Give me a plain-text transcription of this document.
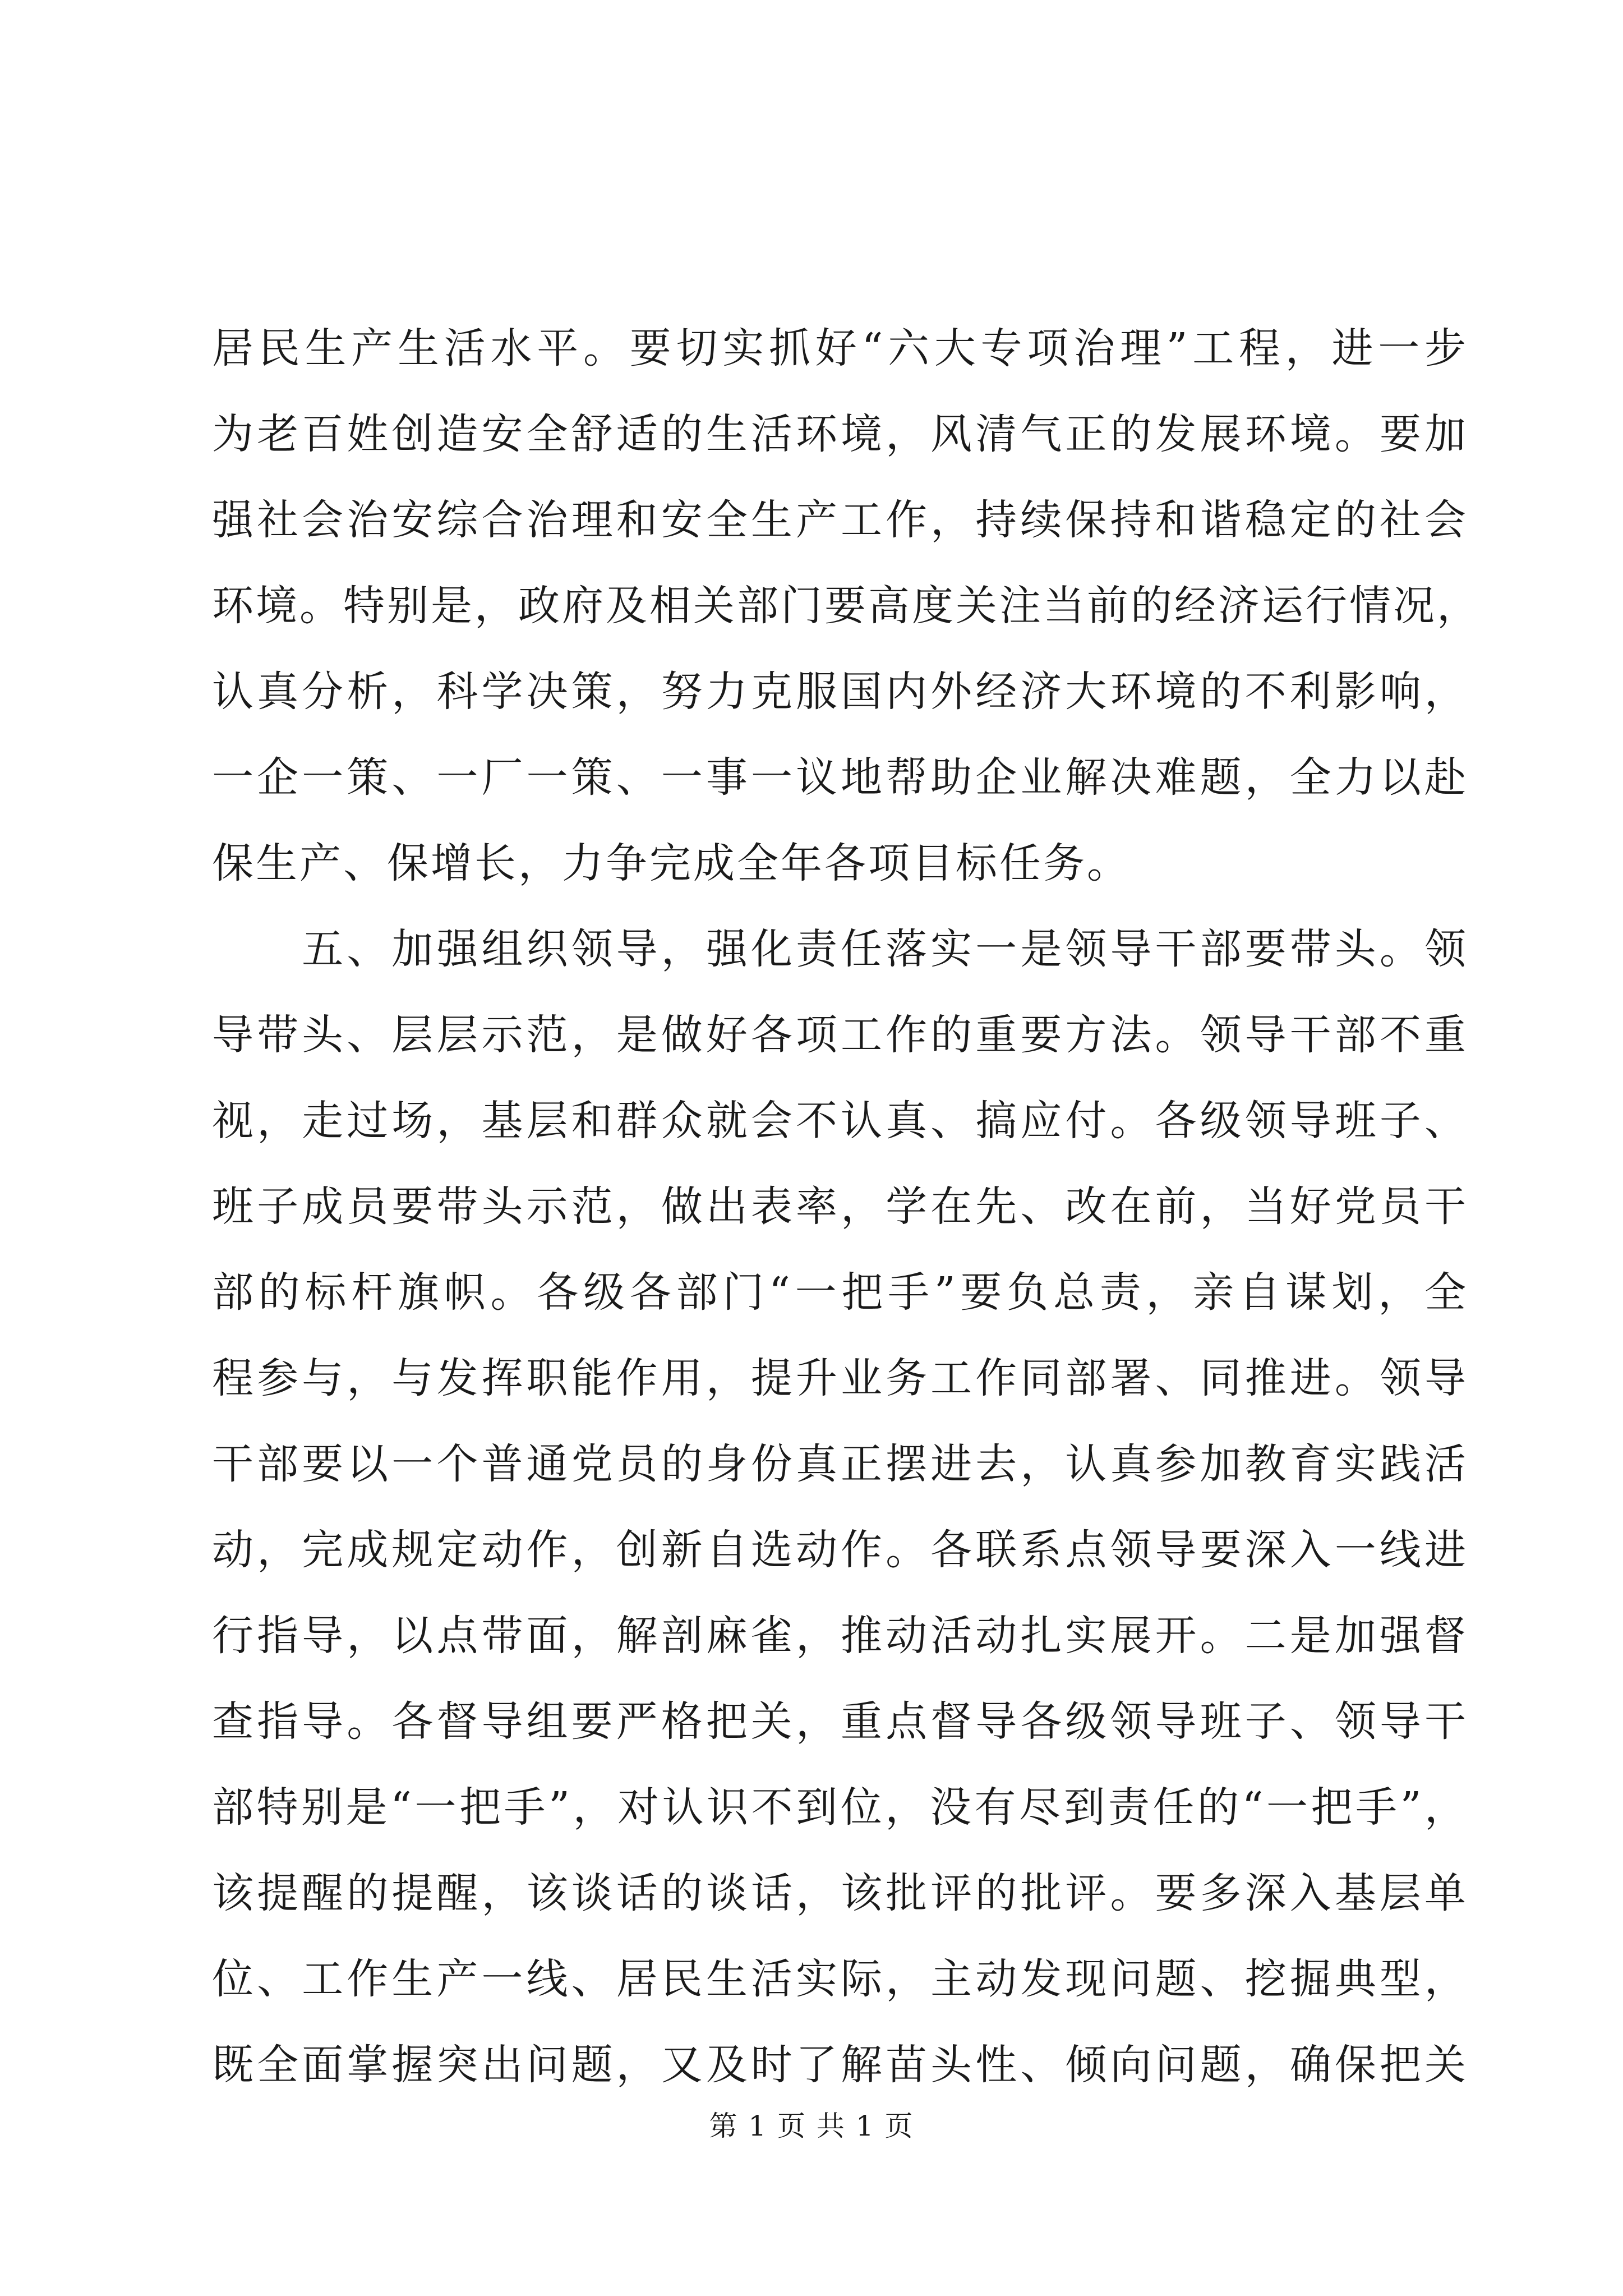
居民生产生活水平。要切实抓好“六大专项治理”工程，进一步
为老百姓创造安全舒适的生活环境，风清气正的发展环境。要加
强社会治安综合治理和安全生产工作，持续保持和谐稳定的社会
环境。特别是，政府及相关部门要高度关注当前的经济运行情况，
认真分析，科学决策，努力克服国内外经济大环境的不利影响，
一企一策、一厂一策、一事一议地帮助企业解决难题，全力以赴
保生产、保增长，力争完成全年各项目标任务。
　　五、加强组织领导，强化责任落实一是领导干部要带头。领
导带头、层层示范，是做好各项工作的重要方法。领导干部不重
视，走过场，基层和群众就会不认真、搞应付。各级领导班子、
班子成员要带头示范，做出表率，学在先、改在前，当好党员干
部的标杆旗帜。各级各部门“一把手”要负总责，亲自谋划，全
程参与，与发挥职能作用，提升业务工作同部署、同推进。领导
干部要以一个普通党员的身份真正摆进去，认真参加教育实践活
动，完成规定动作，创新自选动作。各联系点领导要深入一线进
行指导，以点带面，解剖麻雀，推动活动扎实展开。二是加强督
查指导。各督导组要严格把关，重点督导各级领导班子、领导干
部特别是“一把手”，对认识不到位，没有尽到责任的“一把手”，
该提醒的提醒，该谈话的谈话，该批评的批评。要多深入基层单
位、工作生产一线、居民生活实际，主动发现问题、挖掘典型，
既全面掌握突出问题，又及时了解苗头性、倾向问题，确保把关
第 1 页 共 1 页
